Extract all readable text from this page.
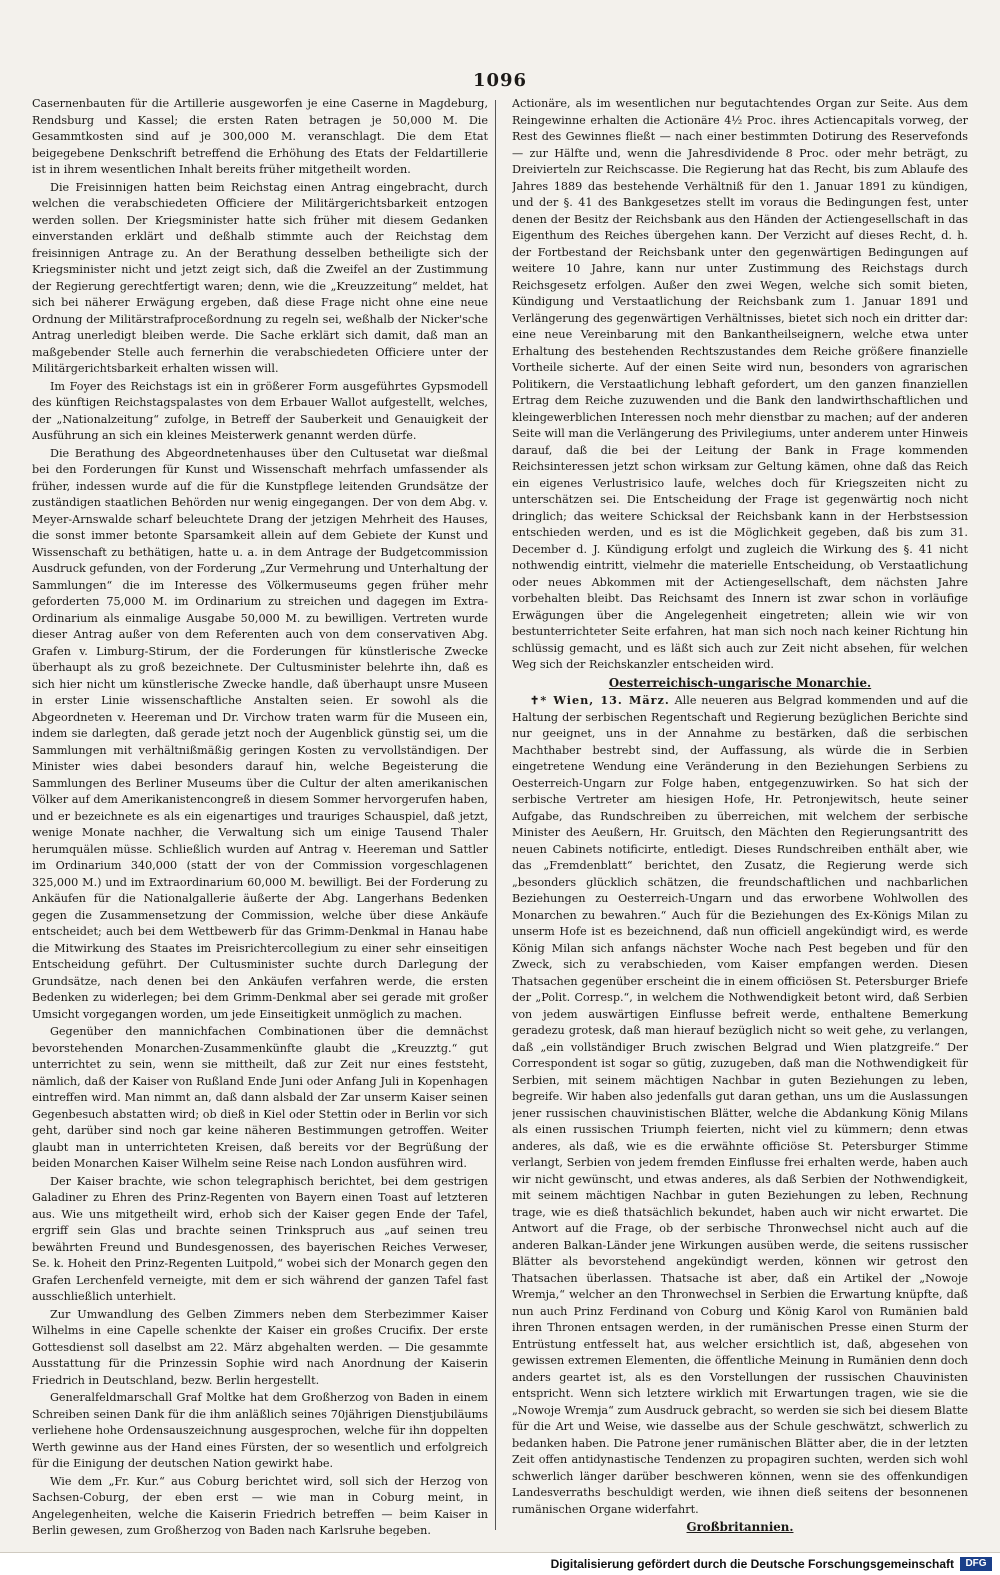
1096

Casernenbauten für die Artillerie ausgeworfen je eine Caserne in Magdeburg, Rendsburg und Kassel; die ersten Raten betragen je 50,000 M. Die Gesammtkosten sind auf je 300,000 M. veranschlagt. Die dem Etat beigegebene Denkschrift betreffend die Erhöhung des Etats der Feldartillerie ist in ihrem wesentlichen Inhalt bereits früher mitgetheilt worden.

Die Freisinnigen hatten beim Reichstag einen Antrag eingebracht, durch welchen die verabschiedeten Officiere der Militärgerichtsbarkeit entzogen werden sollen. Der Kriegsminister hatte sich früher mit diesem Gedanken einverstanden erklärt und deßhalb stimmte auch der Reichstag dem freisinnigen Antrage zu. An der Berathung desselben betheiligte sich der Kriegsminister nicht und jetzt zeigt sich, daß die Zweifel an der Zustimmung der Regierung gerechtfertigt waren; denn, wie die „Kreuzzeitung“ meldet, hat sich bei näherer Erwägung ergeben, daß diese Frage nicht ohne eine neue Ordnung der Militärstrafproceßordnung zu regeln sei, weßhalb der Nicker'sche Antrag unerledigt bleiben werde. Die Sache erklärt sich damit, daß man an maßgebender Stelle auch fernerhin die verabschiedeten Officiere unter der Militärgerichtsbarkeit erhalten wissen will.

Im Foyer des Reichstags ist ein in größerer Form ausgeführtes Gypsmodell des künftigen Reichstagspalastes von dem Erbauer Wallot aufgestellt, welches, der „Nationalzeitung“ zufolge, in Betreff der Sauberkeit und Genauigkeit der Ausführung an sich ein kleines Meisterwerk genannt werden dürfe.

Die Berathung des Abgeordnetenhauses über den Cultusetat war dießmal bei den Forderungen für Kunst und Wissenschaft mehrfach umfassender als früher, indessen wurde auf die für die Kunstpflege leitenden Grundsätze der zuständigen staatlichen Behörden nur wenig eingegangen. Der von dem Abg. v. Meyer-Arnswalde scharf beleuchtete Drang der jetzigen Mehrheit des Hauses, die sonst immer betonte Sparsamkeit allein auf dem Gebiete der Kunst und Wissenschaft zu bethätigen, hatte u. a. in dem Antrage der Budgetcommission Ausdruck gefunden, von der Forderung „Zur Vermehrung und Unterhaltung der Sammlungen“ die im Interesse des Völkermuseums gegen früher mehr geforderten 75,000 M. im Ordinarium zu streichen und dagegen im Extra-Ordinarium als einmalige Ausgabe 50,000 M. zu bewilligen. Vertreten wurde dieser Antrag außer von dem Referenten auch von dem conservativen Abg. Grafen v. Limburg-Stirum, der die Forderungen für künstlerische Zwecke überhaupt als zu groß bezeichnete. Der Cultusminister belehrte ihn, daß es sich hier nicht um künstlerische Zwecke handle, daß überhaupt unsre Museen in erster Linie wissenschaftliche Anstalten seien. Er sowohl als die Abgeordneten v. Heereman und Dr. Virchow traten warm für die Museen ein, indem sie darlegten, daß gerade jetzt noch der Augenblick günstig sei, um die Sammlungen mit verhältnißmäßig geringen Kosten zu vervollständigen. Der Minister wies dabei besonders darauf hin, welche Begeisterung die Sammlungen des Berliner Museums über die Cultur der alten amerikanischen Völker auf dem Amerikanistencongreß in diesem Sommer hervorgerufen haben, und er bezeichnete es als ein eigenartiges und trauriges Schauspiel, daß jetzt, wenige Monate nachher, die Verwaltung sich um einige Tausend Thaler herumquälen müsse. Schließlich wurden auf Antrag v. Heereman und Sattler im Ordinarium 340,000 (statt der von der Commission vorgeschlagenen 325,000 M.) und im Extraordinarium 60,000 M. bewilligt. Bei der Forderung zu Ankäufen für die Nationalgallerie äußerte der Abg. Langerhans Bedenken gegen die Zusammensetzung der Commission, welche über diese Ankäufe entscheidet; auch bei dem Wettbewerb für das Grimm-Denkmal in Hanau habe die Mitwirkung des Staates im Preisrichtercollegium zu einer sehr einseitigen Entscheidung geführt. Der Cultusminister suchte durch Darlegung der Grundsätze, nach denen bei den Ankäufen verfahren werde, die ersten Bedenken zu widerlegen; bei dem Grimm-Denkmal aber sei gerade mit großer Umsicht vorgegangen worden, um jede Einseitigkeit unmöglich zu machen.

Gegenüber den mannichfachen Combinationen über die demnächst bevorstehenden Monarchen-Zusammenkünfte glaubt die „Kreuzztg.“ gut unterrichtet zu sein, wenn sie mittheilt, daß zur Zeit nur eines feststeht, nämlich, daß der Kaiser von Rußland Ende Juni oder Anfang Juli in Kopenhagen eintreffen wird. Man nimmt an, daß dann alsbald der Zar unserm Kaiser seinen Gegenbesuch abstatten wird; ob dieß in Kiel oder Stettin oder in Berlin vor sich geht, darüber sind noch gar keine näheren Bestimmungen getroffen. Weiter glaubt man in unterrichteten Kreisen, daß bereits vor der Begrüßung der beiden Monarchen Kaiser Wilhelm seine Reise nach London ausführen wird.

Der Kaiser brachte, wie schon telegraphisch berichtet, bei dem gestrigen Galadiner zu Ehren des Prinz-Regenten von Bayern einen Toast auf letzteren aus. Wie uns mitgetheilt wird, erhob sich der Kaiser gegen Ende der Tafel, ergriff sein Glas und brachte seinen Trinkspruch aus „auf seinen treu bewährten Freund und Bundesgenossen, des bayerischen Reiches Verweser, Se. k. Hoheit den Prinz-Regenten Luitpold,“ wobei sich der Monarch gegen den Grafen Lerchenfeld verneigte, mit dem er sich während der ganzen Tafel fast ausschließlich unterhielt.

Zur Umwandlung des Gelben Zimmers neben dem Sterbezimmer Kaiser Wilhelms in eine Capelle schenkte der Kaiser ein großes Crucifix. Der erste Gottesdienst soll daselbst am 22. März abgehalten werden. — Die gesammte Ausstattung für die Prinzessin Sophie wird nach Anordnung der Kaiserin Friedrich in Deutschland, bezw. Berlin hergestellt.

Generalfeldmarschall Graf Moltke hat dem Großherzog von Baden in einem Schreiben seinen Dank für die ihm anläßlich seines 70jährigen Dienstjubiläums verliehene hohe Ordensauszeichnung ausgesprochen, welche für ihn doppelten Werth gewinne aus der Hand eines Fürsten, der so wesentlich und erfolgreich für die Einigung der deutschen Nation gewirkt habe.

Wie dem „Fr. Kur.“ aus Coburg berichtet wird, soll sich der Herzog von Sachsen-Coburg, der eben erst — wie man in Coburg meint, in Angelegenheiten, welche die Kaiserin Friedrich betreffen — beim Kaiser in Berlin gewesen, zum Großherzog von Baden nach Karlsruhe begeben.

Actionäre, als im wesentlichen nur begutachtendes Organ zur Seite. Aus dem Reingewinne erhalten die Actionäre 4½ Proc. ihres Actiencapitals vorweg, der Rest des Gewinnes fließt — nach einer bestimmten Dotirung des Reservefonds — zur Hälfte und, wenn die Jahresdividende 8 Proc. oder mehr beträgt, zu Dreivierteln zur Reichscasse. Die Regierung hat das Recht, bis zum Ablaufe des Jahres 1889 das bestehende Verhältniß für den 1. Januar 1891 zu kündigen, und der §. 41 des Bankgesetzes stellt im voraus die Bedingungen fest, unter denen der Besitz der Reichsbank aus den Händen der Actiengesellschaft in das Eigenthum des Reiches übergehen kann. Der Verzicht auf dieses Recht, d. h. der Fortbestand der Reichsbank unter den gegenwärtigen Bedingungen auf weitere 10 Jahre, kann nur unter Zustimmung des Reichstags durch Reichsgesetz erfolgen. Außer den zwei Wegen, welche sich somit bieten, Kündigung und Verstaatlichung der Reichsbank zum 1. Januar 1891 und Verlängerung des gegenwärtigen Verhältnisses, bietet sich noch ein dritter dar: eine neue Vereinbarung mit den Bankantheilseignern, welche etwa unter Erhaltung des bestehenden Rechtszustandes dem Reiche größere finanzielle Vortheile sicherte. Auf der einen Seite wird nun, besonders von agrarischen Politikern, die Verstaatlichung lebhaft gefordert, um den ganzen finanziellen Ertrag dem Reiche zuzuwenden und die Bank den landwirthschaftlichen und kleingewerblichen Interessen noch mehr dienstbar zu machen; auf der anderen Seite will man die Verlängerung des Privilegiums, unter anderem unter Hinweis darauf, daß die bei der Leitung der Bank in Frage kommenden Reichsinteressen jetzt schon wirksam zur Geltung kämen, ohne daß das Reich ein eigenes Verlustrisico laufe, welches doch für Kriegszeiten nicht zu unterschätzen sei. Die Entscheidung der Frage ist gegenwärtig noch nicht dringlich; das weitere Schicksal der Reichsbank kann in der Herbstsession entschieden werden, und es ist die Möglichkeit gegeben, daß bis zum 31. December d. J. Kündigung erfolgt und zugleich die Wirkung des §. 41 nicht nothwendig eintritt, vielmehr die materielle Entscheidung, ob Verstaatlichung oder neues Abkommen mit der Actiengesellschaft, dem nächsten Jahre vorbehalten bleibt. Das Reichsamt des Innern ist zwar schon in vorläufige Erwägungen über die Angelegenheit eingetreten; allein wie wir von bestunterrichteter Seite erfahren, hat man sich noch nach keiner Richtung hin schlüssig gemacht, und es läßt sich auch zur Zeit nicht absehen, für welchen Weg sich der Reichskanzler entscheiden wird.

Oesterreichisch-ungarische Monarchie.

✝* Wien, 13. März. Alle neueren aus Belgrad kommenden und auf die Haltung der serbischen Regentschaft und Regierung bezüglichen Berichte sind nur geeignet, uns in der Annahme zu bestärken, daß die serbischen Machthaber bestrebt sind, der Auffassung, als würde die in Serbien eingetretene Wendung eine Veränderung in den Beziehungen Serbiens zu Oesterreich-Ungarn zur Folge haben, entgegenzuwirken. So hat sich der serbische Vertreter am hiesigen Hofe, Hr. Petronjewitsch, heute seiner Aufgabe, das Rundschreiben zu überreichen, mit welchem der serbische Minister des Aeußern, Hr. Gruitsch, den Mächten den Regierungsantritt des neuen Cabinets notificirte, entledigt. Dieses Rundschreiben enthält aber, wie das „Fremdenblatt“ berichtet, den Zusatz, die Regierung werde sich „besonders glücklich schätzen, die freundschaftlichen und nachbarlichen Beziehungen zu Oesterreich-Ungarn und das erworbene Wohlwollen des Monarchen zu bewahren.“ Auch für die Beziehungen des Ex-Königs Milan zu unserm Hofe ist es bezeichnend, daß nun officiell angekündigt wird, es werde König Milan sich anfangs nächster Woche nach Pest begeben und für den Zweck, sich zu verabschieden, vom Kaiser empfangen werden. Diesen Thatsachen gegenüber erscheint die in einem officiösen St. Petersburger Briefe der „Polit. Corresp.“, in welchem die Nothwendigkeit betont wird, daß Serbien von jedem auswärtigen Einflusse befreit werde, enthaltene Bemerkung geradezu grotesk, daß man hierauf bezüglich nicht so weit gehe, zu verlangen, daß „ein vollständiger Bruch zwischen Belgrad und Wien platzgreife.“ Der Correspondent ist sogar so gütig, zuzugeben, daß man die Nothwendigkeit für Serbien, mit seinem mächtigen Nachbar in guten Beziehungen zu leben, begreife. Wir haben also jedenfalls gut daran gethan, uns um die Auslassungen jener russischen chauvinistischen Blätter, welche die Abdankung König Milans als einen russischen Triumph feierten, nicht viel zu kümmern; denn etwas anderes, als daß, wie es die erwähnte officiöse St. Petersburger Stimme verlangt, Serbien von jedem fremden Einflusse frei erhalten werde, haben auch wir nicht gewünscht, und etwas anderes, als daß Serbien der Nothwendigkeit, mit seinem mächtigen Nachbar in guten Beziehungen zu leben, Rechnung trage, wie es dieß thatsächlich bekundet, haben auch wir nicht erwartet. Die Antwort auf die Frage, ob der serbische Thronwechsel nicht auch auf die anderen Balkan-Länder jene Wirkungen ausüben werde, die seitens russischer Blätter als bevorstehend angekündigt werden, können wir getrost den Thatsachen überlassen. Thatsache ist aber, daß ein Artikel der „Nowoje Wremja,“ welcher an den Thronwechsel in Serbien die Erwartung knüpfte, daß nun auch Prinz Ferdinand von Coburg und König Karol von Rumänien bald ihren Thronen entsagen werden, in der rumänischen Presse einen Sturm der Entrüstung entfesselt hat, aus welcher ersichtlich ist, daß, abgesehen von gewissen extremen Elementen, die öffentliche Meinung in Rumänien denn doch anders geartet ist, als es den Vorstellungen der russischen Chauvinisten entspricht. Wenn sich letztere wirklich mit Erwartungen tragen, wie sie die „Nowoje Wremja“ zum Ausdruck gebracht, so werden sie sich bei diesem Blatte für die Art und Weise, wie dasselbe aus der Schule geschwätzt, schwerlich zu bedanken haben. Die Patrone jener rumänischen Blätter aber, die in der letzten Zeit offen antidynastische Tendenzen zu propagiren suchten, werden sich wohl schwerlich länger darüber beschweren können, wenn sie des offenkundigen Landesverraths beschuldigt werden, wie ihnen dieß seitens der besonnenen rumänischen Organe widerfahrt.

Großbritannien.

Digitalisierung gefördert durch die Deutsche Forschungsgemeinschaft	DFG
